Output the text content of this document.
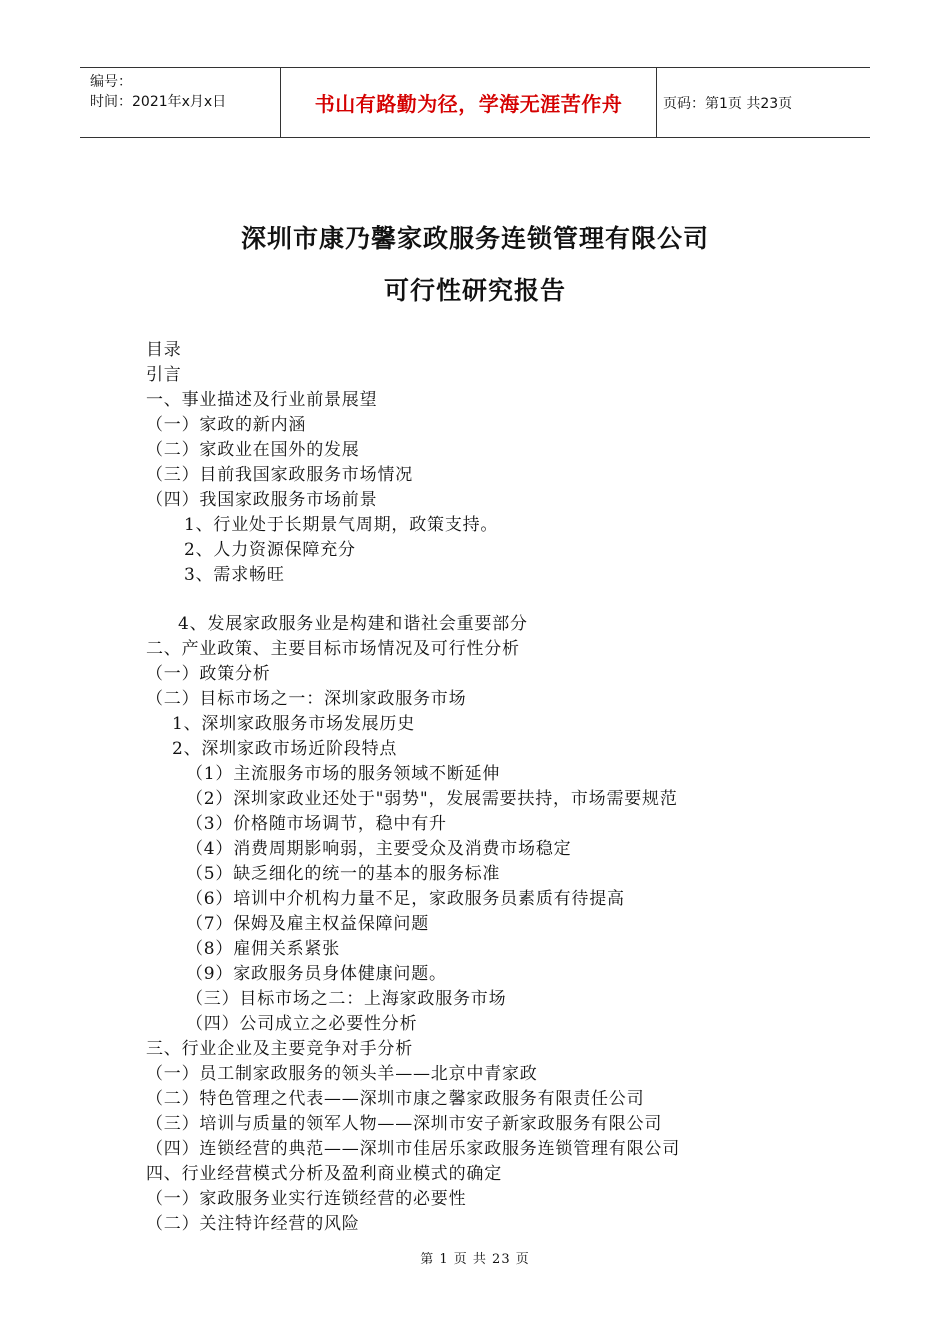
编号：
时间：2021年x月x日	书山有路勤为径，学海无涯苦作舟	页码：第1页 共23页
深圳市康乃馨家政服务连锁管理有限公司
可行性研究报告
目录
引言
一、事业描述及行业前景展望
（一）家政的新内涵
（二）家政业在国外的发展
（三）目前我国家政服务市场情况
（四）我国家政服务市场前景
1、行业处于长期景气周期，政策支持。
2、人力资源保障充分
3、需求畅旺
4、发展家政服务业是构建和谐社会重要部分
二、产业政策、主要目标市场情况及可行性分析
（一）政策分析
（二）目标市场之一：深圳家政服务市场
1、深圳家政服务市场发展历史
2、深圳家政市场近阶段特点
（1）主流服务市场的服务领域不断延伸
（2）深圳家政业还处于"弱势"，发展需要扶持，市场需要规范
（3）价格随市场调节，稳中有升
（4）消费周期影响弱，主要受众及消费市场稳定
（5）缺乏细化的统一的基本的服务标准
（6）培训中介机构力量不足，家政服务员素质有待提高
（7）保姆及雇主权益保障问题
（8）雇佣关系紧张
（9）家政服务员身体健康问题。
（三）目标市场之二：上海家政服务市场
（四）公司成立之必要性分析
三、行业企业及主要竞争对手分析
（一）员工制家政服务的领头羊——北京中青家政
（二）特色管理之代表——深圳市康之馨家政服务有限责任公司
（三）培训与质量的领军人物——深圳市安子新家政服务有限公司
（四）连锁经营的典范——深圳市佳居乐家政服务连锁管理有限公司
四、行业经营模式分析及盈利商业模式的确定
（一）家政服务业实行连锁经营的必要性
（二）关注特许经营的风险
第 1 页 共 23 页
